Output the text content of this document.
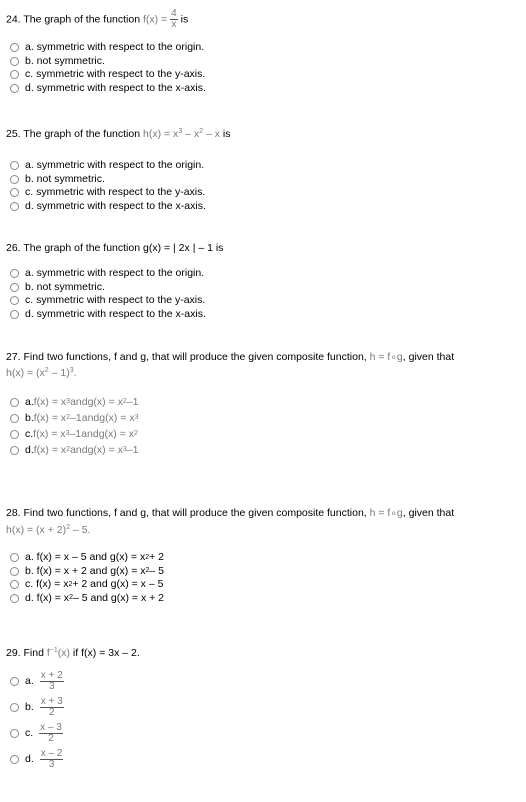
24. The graph of the function $f(x) = \frac{4}{x}$ is
a. symmetric with respect to the origin.
b. not symmetric.
c. symmetric with respect to the y-axis.
d. symmetric with respect to the x-axis.
25. The graph of the function $h(x) = x^3 - x^2 - x$ is
a. symmetric with respect to the origin.
b. not symmetric.
c. symmetric with respect to the y-axis.
d. symmetric with respect to the x-axis.
26. The graph of the function g(x) = | 2x | – 1 is
a. symmetric with respect to the origin.
b. not symmetric.
c. symmetric with respect to the y-axis.
d. symmetric with respect to the x-axis.
27. Find two functions, f and g, that will produce the given composite function, h = f∘g, given that
$h(x) = (x^2 - 1)^3$.
a. f(x) = x 3 and g(x) = x 2 –1
b. f(x) = x 2 –1 and g(x) = x 3
c. f(x) = x 3 –1 and g(x) = x 2
d. f(x) = x 2 and g(x) = x 3 –1
28. Find two functions, f and g, that will produce the given composite function, h = f∘g, given that
$h(x) = (x + 2)^2 - 5$.
a. f(x) = x – 5 and g(x) = x 2 + 2
b. f(x) = x + 2 and g(x) = x 2 – 5
c. f(x) = x 2 + 2 and g(x) = x – 5
d. f(x) = x 2 – 5 and g(x) = x + 2
29. Find $f^{-1}(x)$ if f(x) = 3x – 2.
a. $\frac{x + 2}{3}$
b. $\frac{x + 3}{2}$
c. $\frac{x - 3}{2}$
d. $\frac{x - 2}{3}$
